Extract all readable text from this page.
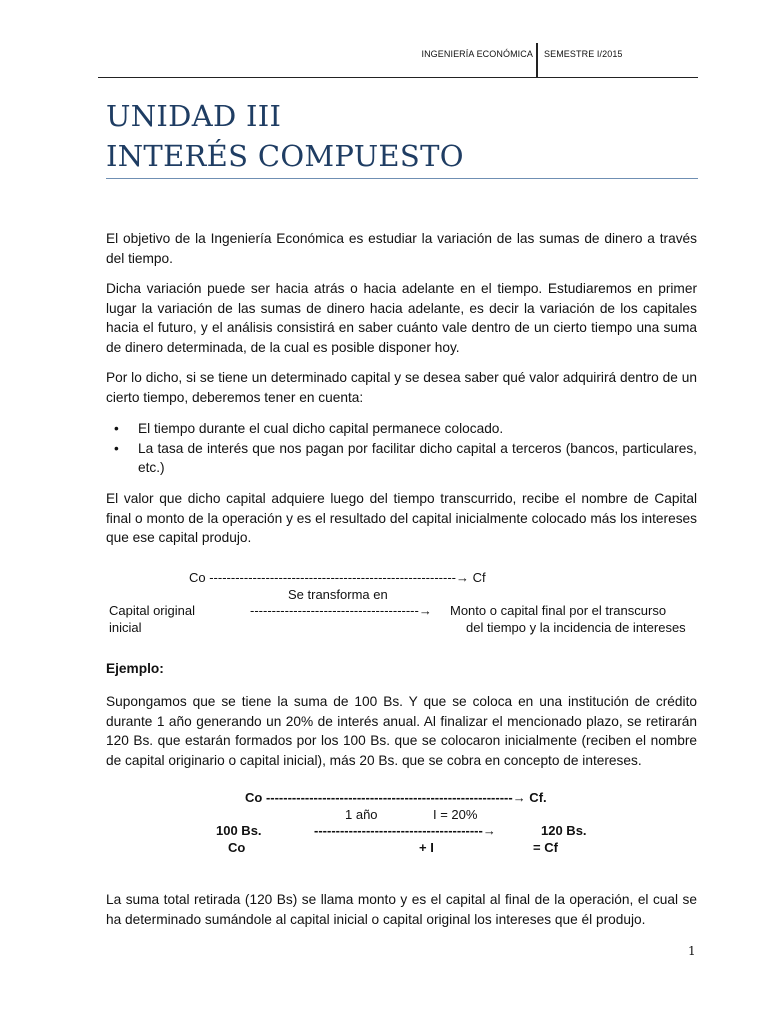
INGENIERÍA ECONÓMICA SEMESTRE I/2015
UNIDAD III
INTERÉS COMPUESTO
El objetivo de la Ingeniería Económica es estudiar la variación de las sumas de dinero a través del tiempo.
Dicha variación puede ser hacia atrás o hacia adelante en el tiempo. Estudiaremos en primer lugar la variación de las sumas de dinero hacia adelante, es decir la variación de los capitales hacia el futuro, y el análisis consistirá en saber cuánto vale dentro de un cierto tiempo una suma de dinero determinada, de la cual es posible disponer hoy.
Por lo dicho, si se tiene un determinado capital y se desea saber qué valor adquirirá dentro de un cierto tiempo, deberemos tener en cuenta:
• El tiempo durante el cual dicho capital permanece colocado.
• La tasa de interés que nos pagan por facilitar dicho capital a terceros (bancos, particulares, etc.)
El valor que dicho capital adquiere luego del tiempo transcurrido, recibe el nombre de Capital final o monto de la operación y es el resultado del capital inicialmente colocado más los intereses que ese capital produjo.
Co ---------------------------------------------------------→ Cf
Se transforma en
Capital original
inicial
---------------------------------------→ Monto o capital final por el transcurso
del tiempo y la incidencia de intereses
Ejemplo:
Supongamos que se tiene la suma de 100 Bs. Y que se coloca en una institución de crédito durante 1 año generando un 20% de interés anual. Al finalizar el mencionado plazo, se retirarán 120 Bs. que estarán formados por los 100 Bs. que se colocaron inicialmente (reciben el nombre de capital originario o capital inicial), más 20 Bs. que se cobra en concepto de intereses.
Co ---------------------------------------------------------→ Cf.
1 año	I = 20%
100 Bs.	---------------------------------------→	120 Bs.
Co	+ I	= Cf
La suma total retirada (120 Bs) se llama monto y es el capital al final de la operación, el cual se ha determinado sumándole al capital inicial o capital original los intereses que él produjo.
1
